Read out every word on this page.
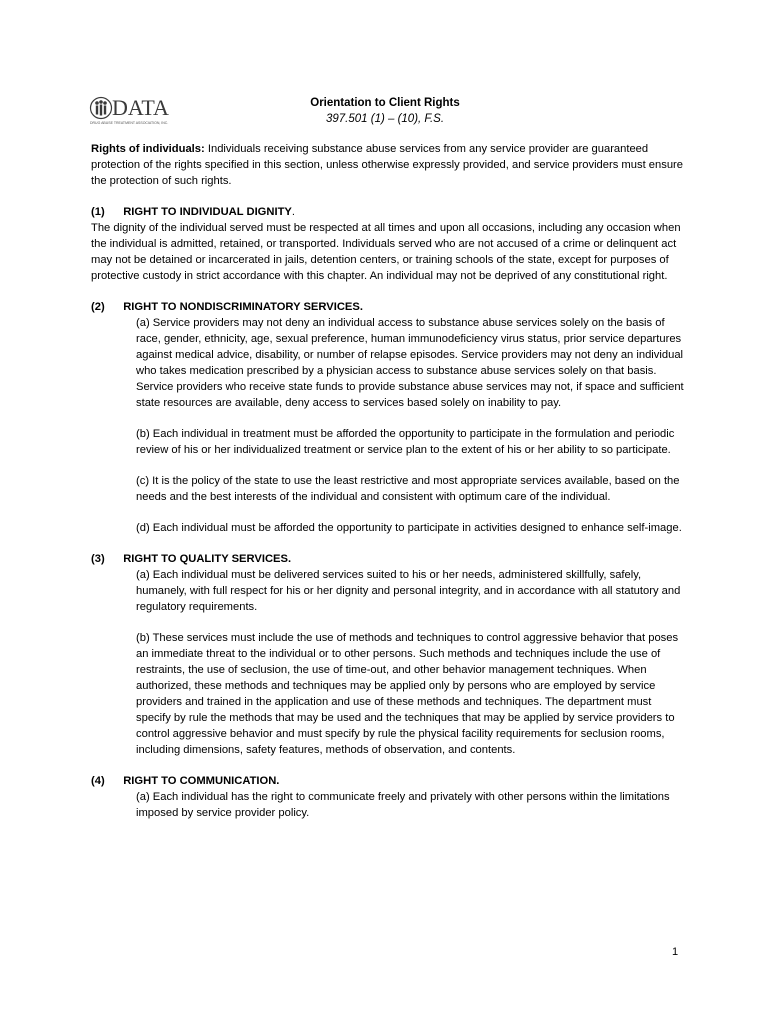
DATA
DRUG ABUSE TREATMENT ASSOCIATION, INC.
Orientation to Client Rights
397.501 (1) – (10), F.S.

Rights of individuals: Individuals receiving substance abuse services from any service provider are guaranteed protection of the rights specified in this section, unless otherwise expressly provided, and service providers must ensure the protection of such rights.

(1) RIGHT TO INDIVIDUAL DIGNITY.

The dignity of the individual served must be respected at all times and upon all occasions, including any occasion when the individual is admitted, retained, or transported. Individuals served who are not accused of a crime or delinquent act may not be detained or incarcerated in jails, detention centers, or training schools of the state, except for purposes of protective custody in strict accordance with this chapter. An individual may not be deprived of any constitutional right.

(2) RIGHT TO NONDISCRIMINATORY SERVICES.

(a) Service providers may not deny an individual access to substance abuse services solely on the basis of race, gender, ethnicity, age, sexual preference, human immunodeficiency virus status, prior service departures against medical advice, disability, or number of relapse episodes. Service providers may not deny an individual who takes medication prescribed by a physician access to substance abuse services solely on that basis. Service providers who receive state funds to provide substance abuse services may not, if space and sufficient state resources are available, deny access to services based solely on inability to pay.

(b) Each individual in treatment must be afforded the opportunity to participate in the formulation and periodic review of his or her individualized treatment or service plan to the extent of his or her ability to so participate.

(c) It is the policy of the state to use the least restrictive and most appropriate services available, based on the needs and the best interests of the individual and consistent with optimum care of the individual.

(d) Each individual must be afforded the opportunity to participate in activities designed to enhance self-image.

(3) RIGHT TO QUALITY SERVICES.

(a) Each individual must be delivered services suited to his or her needs, administered skillfully, safely, humanely, with full respect for his or her dignity and personal integrity, and in accordance with all statutory and regulatory requirements.

(b) These services must include the use of methods and techniques to control aggressive behavior that poses an immediate threat to the individual or to other persons. Such methods and techniques include the use of restraints, the use of seclusion, the use of time-out, and other behavior management techniques. When authorized, these methods and techniques may be applied only by persons who are employed by service providers and trained in the application and use of these methods and techniques. The department must specify by rule the methods that may be used and the techniques that may be applied by service providers to control aggressive behavior and must specify by rule the physical facility requirements for seclusion rooms, including dimensions, safety features, methods of observation, and contents.

(4) RIGHT TO COMMUNICATION.

(a) Each individual has the right to communicate freely and privately with other persons within the limitations imposed by service provider policy.

1
